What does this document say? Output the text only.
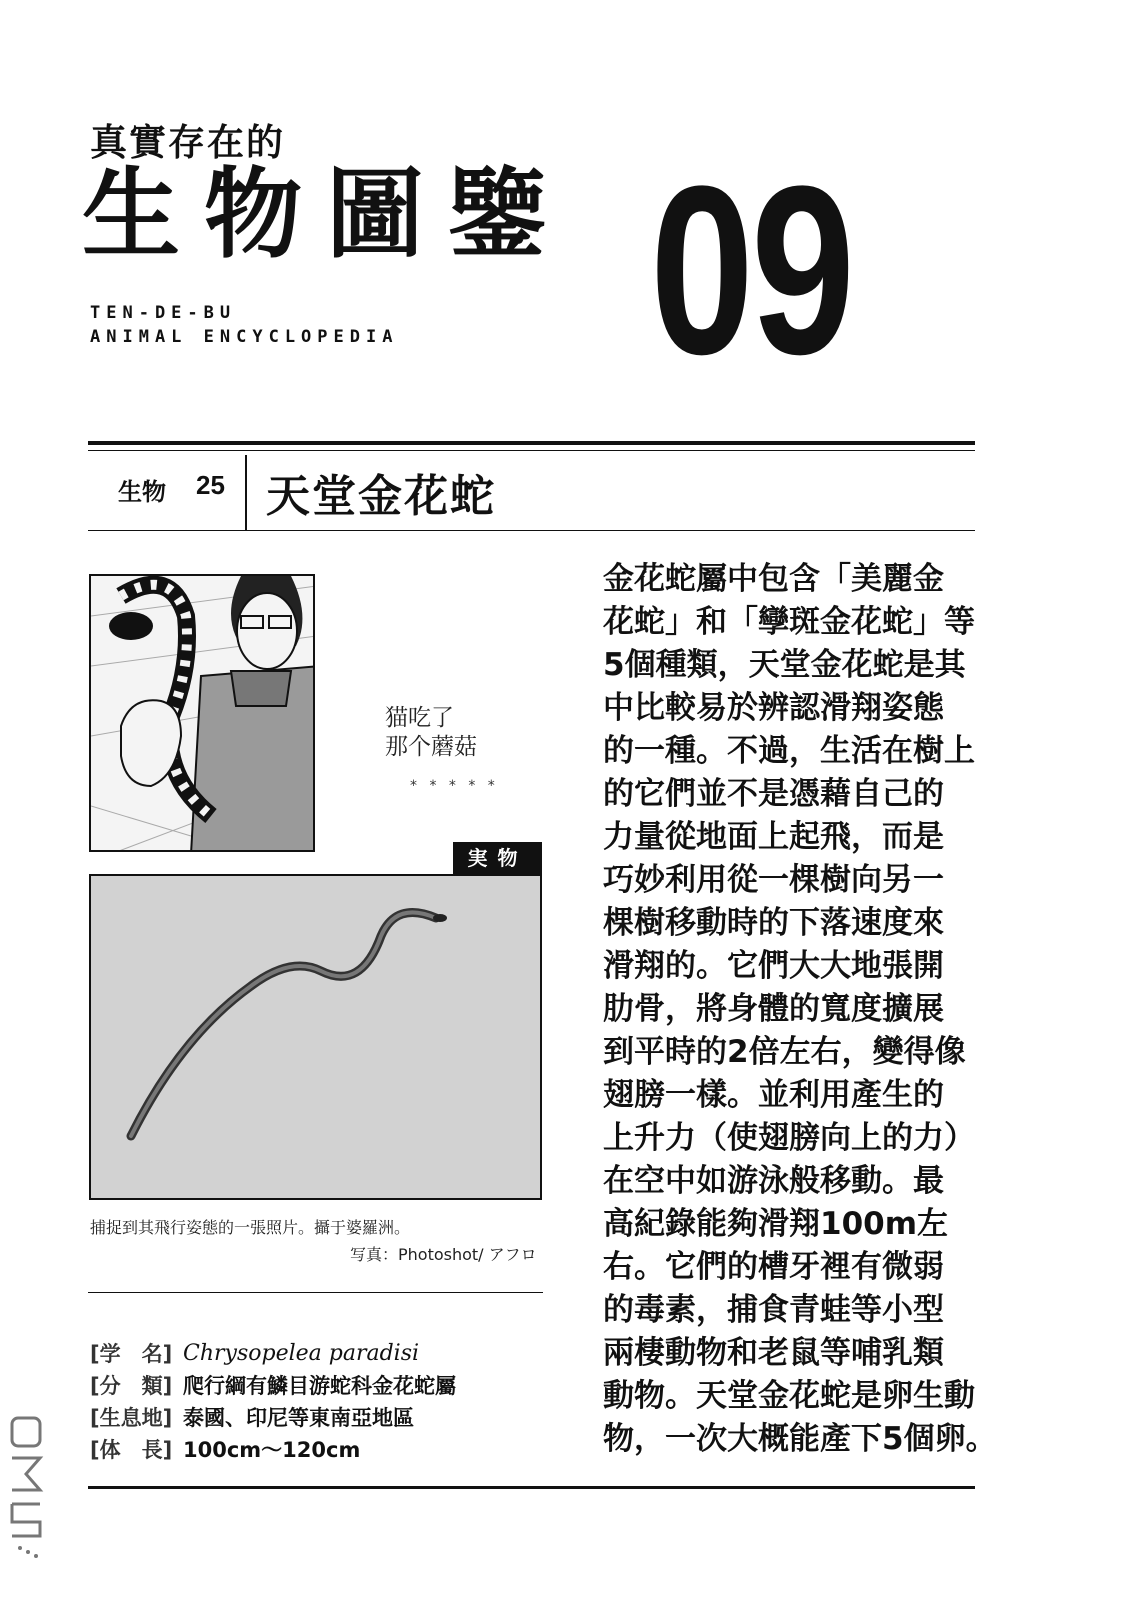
真實存在的
生物圖鑒
TEN-DE-BU
ANIMAL ENCYCLOPEDIA 09
生物 25 天堂金花蛇
猫吃了
那个蘑菇
* * * * *
実物
捕捉到其飛行姿態的一張照片。攝于婆羅洲。
写真：Photoshot/ アフロ
[学　名] Chrysopelea paradisi
[分　類] 爬行綱有鱗目游蛇科金花蛇屬
[生息地] 泰國、印尼等東南亞地區
[体　長] 100cm～120cm
金花蛇屬中包含「美麗金
花蛇」和「孿斑金花蛇」等
5個種類，天堂金花蛇是其
中比較易於辨認滑翔姿態
的一種。不過，生活在樹上
的它們並不是憑藉自己的
力量從地面上起飛，而是
巧妙利用從一棵樹向另一
棵樹移動時的下落速度來
滑翔的。它們大大地張開
肋骨，將身體的寬度擴展
到平時的2倍左右，變得像
翅膀一樣。並利用產生的
上升力（使翅膀向上的力）
在空中如游泳般移動。最
高紀錄能夠滑翔100m左
右。它們的槽牙裡有微弱
的毒素，捕食青蛙等小型
兩棲動物和老鼠等哺乳類
動物。天堂金花蛇是卵生動
物，一次大概能產下5個卵。
